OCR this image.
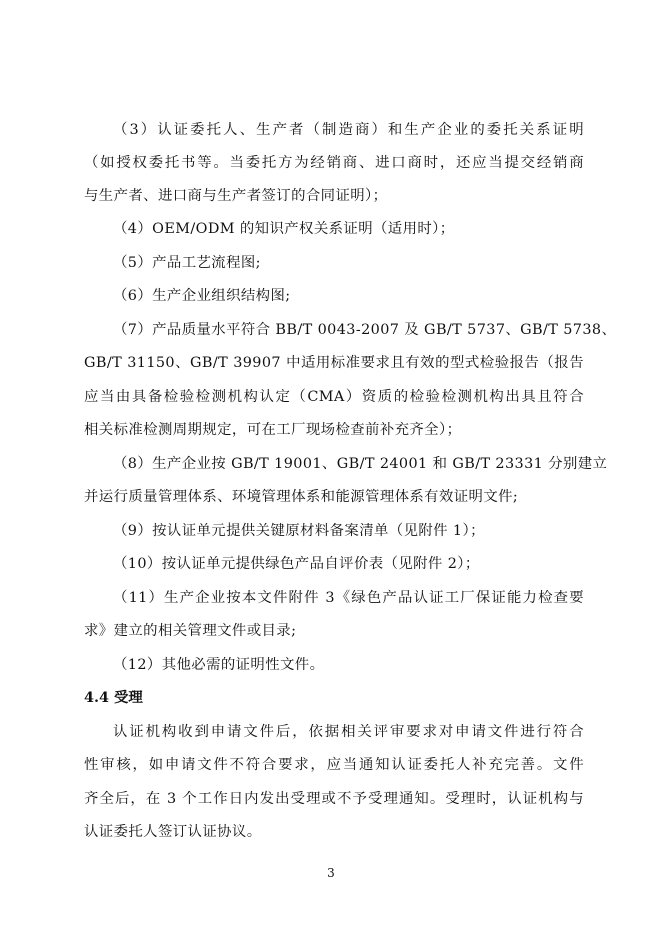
（3）认证委托人、生产者（制造商）和生产企业的委托关系证明
（如授权委托书等。当委托方为经销商、进口商时，还应当提交经销商
与生产者、进口商与生产者签订的合同证明）；
（4）OEM/ODM 的知识产权关系证明（适用时）；
（5）产品工艺流程图;
（6）生产企业组织结构图;
（7）产品质量水平符合 BB/T 0043-2007 及 GB/T 5737、GB/T 5738、
GB/T 31150、GB/T 39907 中适用标准要求且有效的型式检验报告（报告
应当由具备检验检测机构认定（CMA）资质的检验检测机构出具且符合
相关标准检测周期规定，可在工厂现场检查前补充齐全）；
（8）生产企业按 GB/T 19001、GB/T 24001 和 GB/T 23331 分别建立
并运行质量管理体系、环境管理体系和能源管理体系有效证明文件;
（9）按认证单元提供关键原材料备案清单（见附件 1）；
（10）按认证单元提供绿色产品自评价表（见附件 2）；
（11）生产企业按本文件附件 3《绿色产品认证工厂保证能力检查要
求》建立的相关管理文件或目录;
（12）其他必需的证明性文件。
4.4 受理
认证机构收到申请文件后，依据相关评审要求对申请文件进行符合
性审核，如申请文件不符合要求，应当通知认证委托人补充完善。文件
齐全后，在 3 个工作日内发出受理或不予受理通知。受理时，认证机构与
认证委托人签订认证协议。
3
